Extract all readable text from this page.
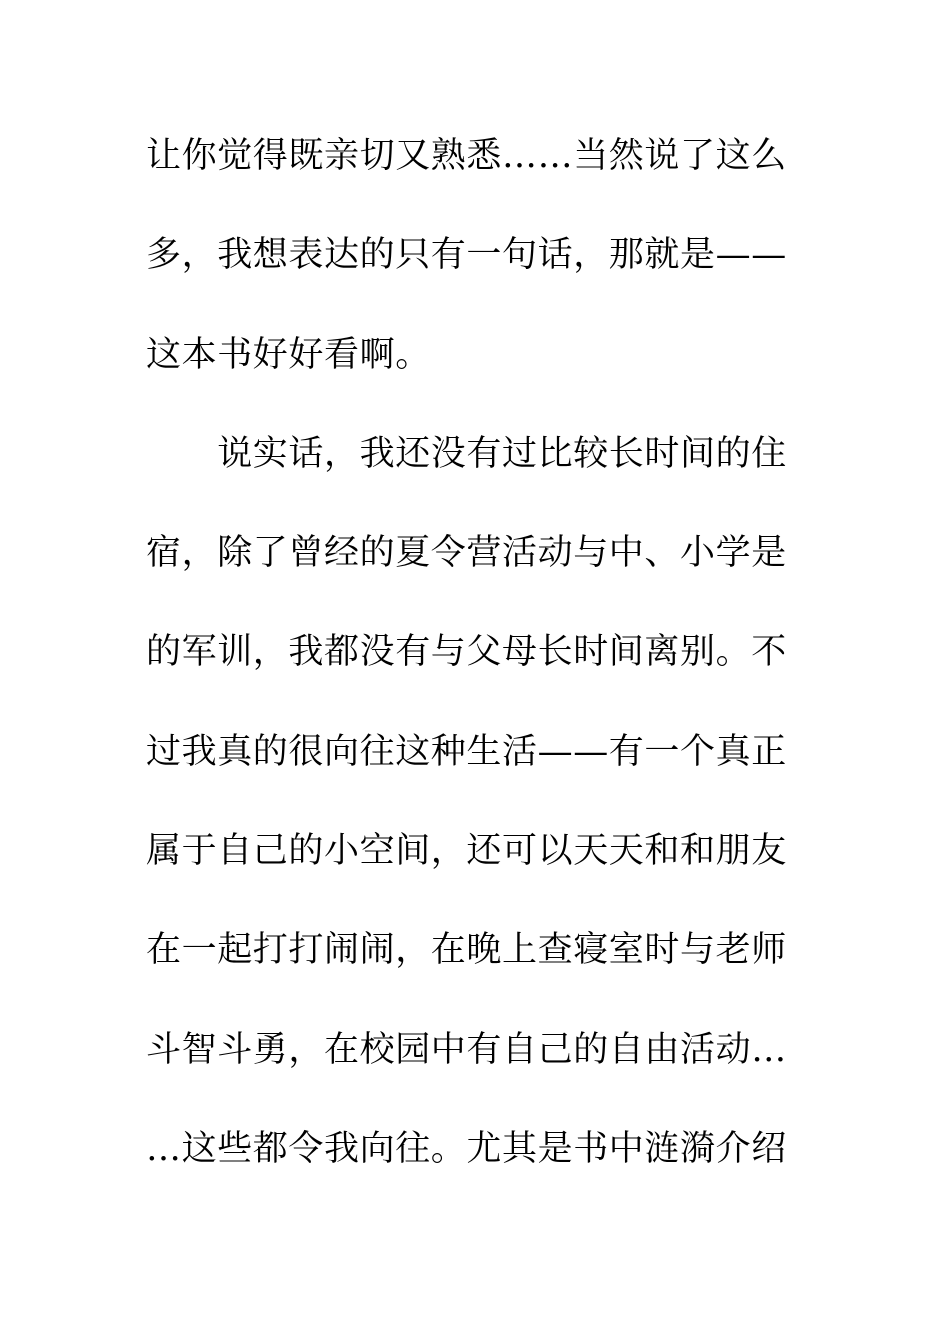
让你觉得既亲切又熟悉……当然说了这么
多，我想表达的只有一句话，那就是——
这本书好好看啊。
　　说实话，我还没有过比较长时间的住
宿，除了曾经的夏令营活动与中、小学是
的军训，我都没有与父母长时间离别。不
过我真的很向往这种生活——有一个真正
属于自己的小空间，还可以天天和和朋友
在一起打打闹闹，在晚上查寝室时与老师
斗智斗勇，在校园中有自己的自由活动…
…这些都令我向往。尤其是书中涟漪介绍
